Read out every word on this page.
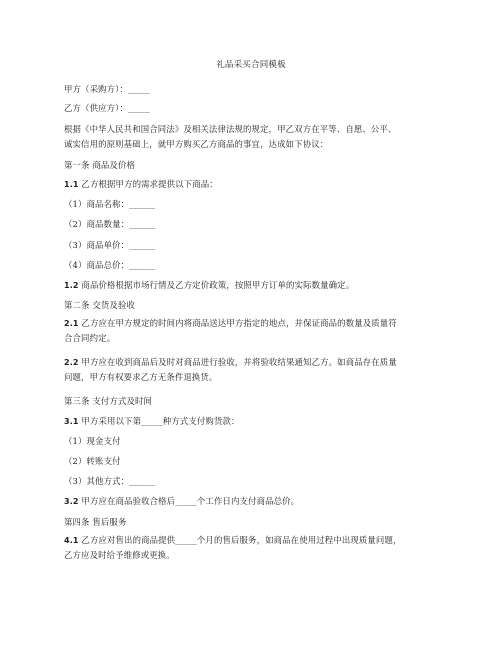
礼品采买合同模板
甲方（采购方）：_____
乙方（供应方）：_____
根据《中华人民共和国合同法》及相关法律法规的规定，甲乙双方在平等、自愿、公平、
诚实信用的原则基础上，就甲方购买乙方商品的事宜，达成如下协议：
第一条 商品及价格
1.1 乙方根据甲方的需求提供以下商品：
（1）商品名称：______
（2）商品数量：______
（3）商品单价：______
（4）商品总价：______
1.2 商品价格根据市场行情及乙方定价政策，按照甲方订单的实际数量确定。
第二条 交货及验收
2.1 乙方应在甲方规定的时间内将商品送达甲方指定的地点，并保证商品的数量及质量符
合合同约定。
2.2 甲方应在收到商品后及时对商品进行验收，并将验收结果通知乙方。如商品存在质量
问题，甲方有权要求乙方无条件退换货。
第三条 支付方式及时间
3.1 甲方采用以下第_____种方式支付购货款：
（1）现金支付
（2）转账支付
（3）其他方式：______
3.2 甲方应在商品验收合格后_____个工作日内支付商品总价。
第四条 售后服务
4.1 乙方应对售出的商品提供_____个月的售后服务，如商品在使用过程中出现质量问题，
乙方应及时给予维修或更换。
